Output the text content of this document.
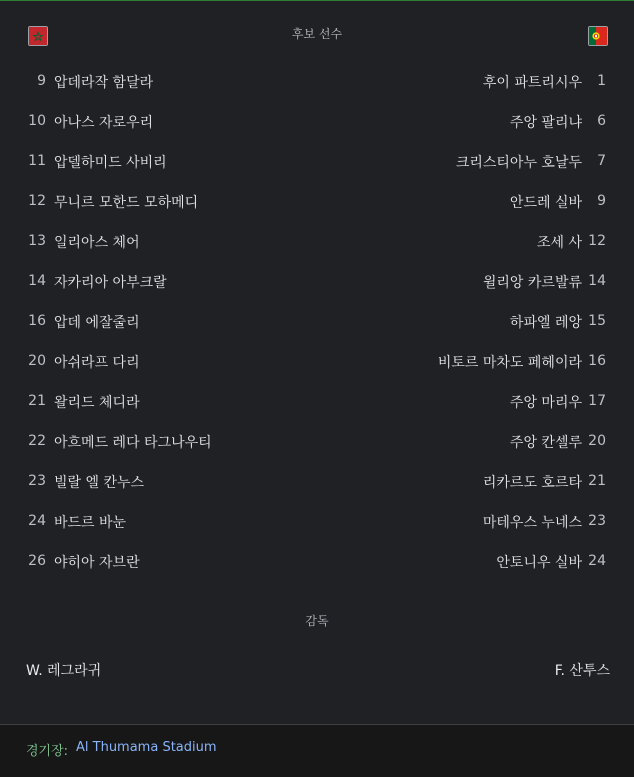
후보 선수
9 압데라작 함달라	후이 파트리시우	1
10 아나스 자로우리	주앙 팔리냐	6
11 압델하미드 사비리	크리스티아누 호날두	7
12 무니르 모한드 모하메디	안드레 실바	9
13 일리아스 체어	조세 사 12
14 자카리아 아부크랄	윌리앙 카르발류 14
16 압데 에잘줄리	하파엘 레앙 15
20 아쉬라프 다리	비토르 마차도 페헤이라 16
21 왈리드 체디라	주앙 마리우 17
22 아흐메드 레다 타그나우티	주앙 칸셀루 20
23 빌랄 엘 칸누스	리카르도 호르타 21
24 바드르 바눈	마테우스 누네스 23
26 야히아 자브란	안토니우 실바 24
감독
W. 레그라귀	F. 산투스
경기장: Al Thumama Stadium
